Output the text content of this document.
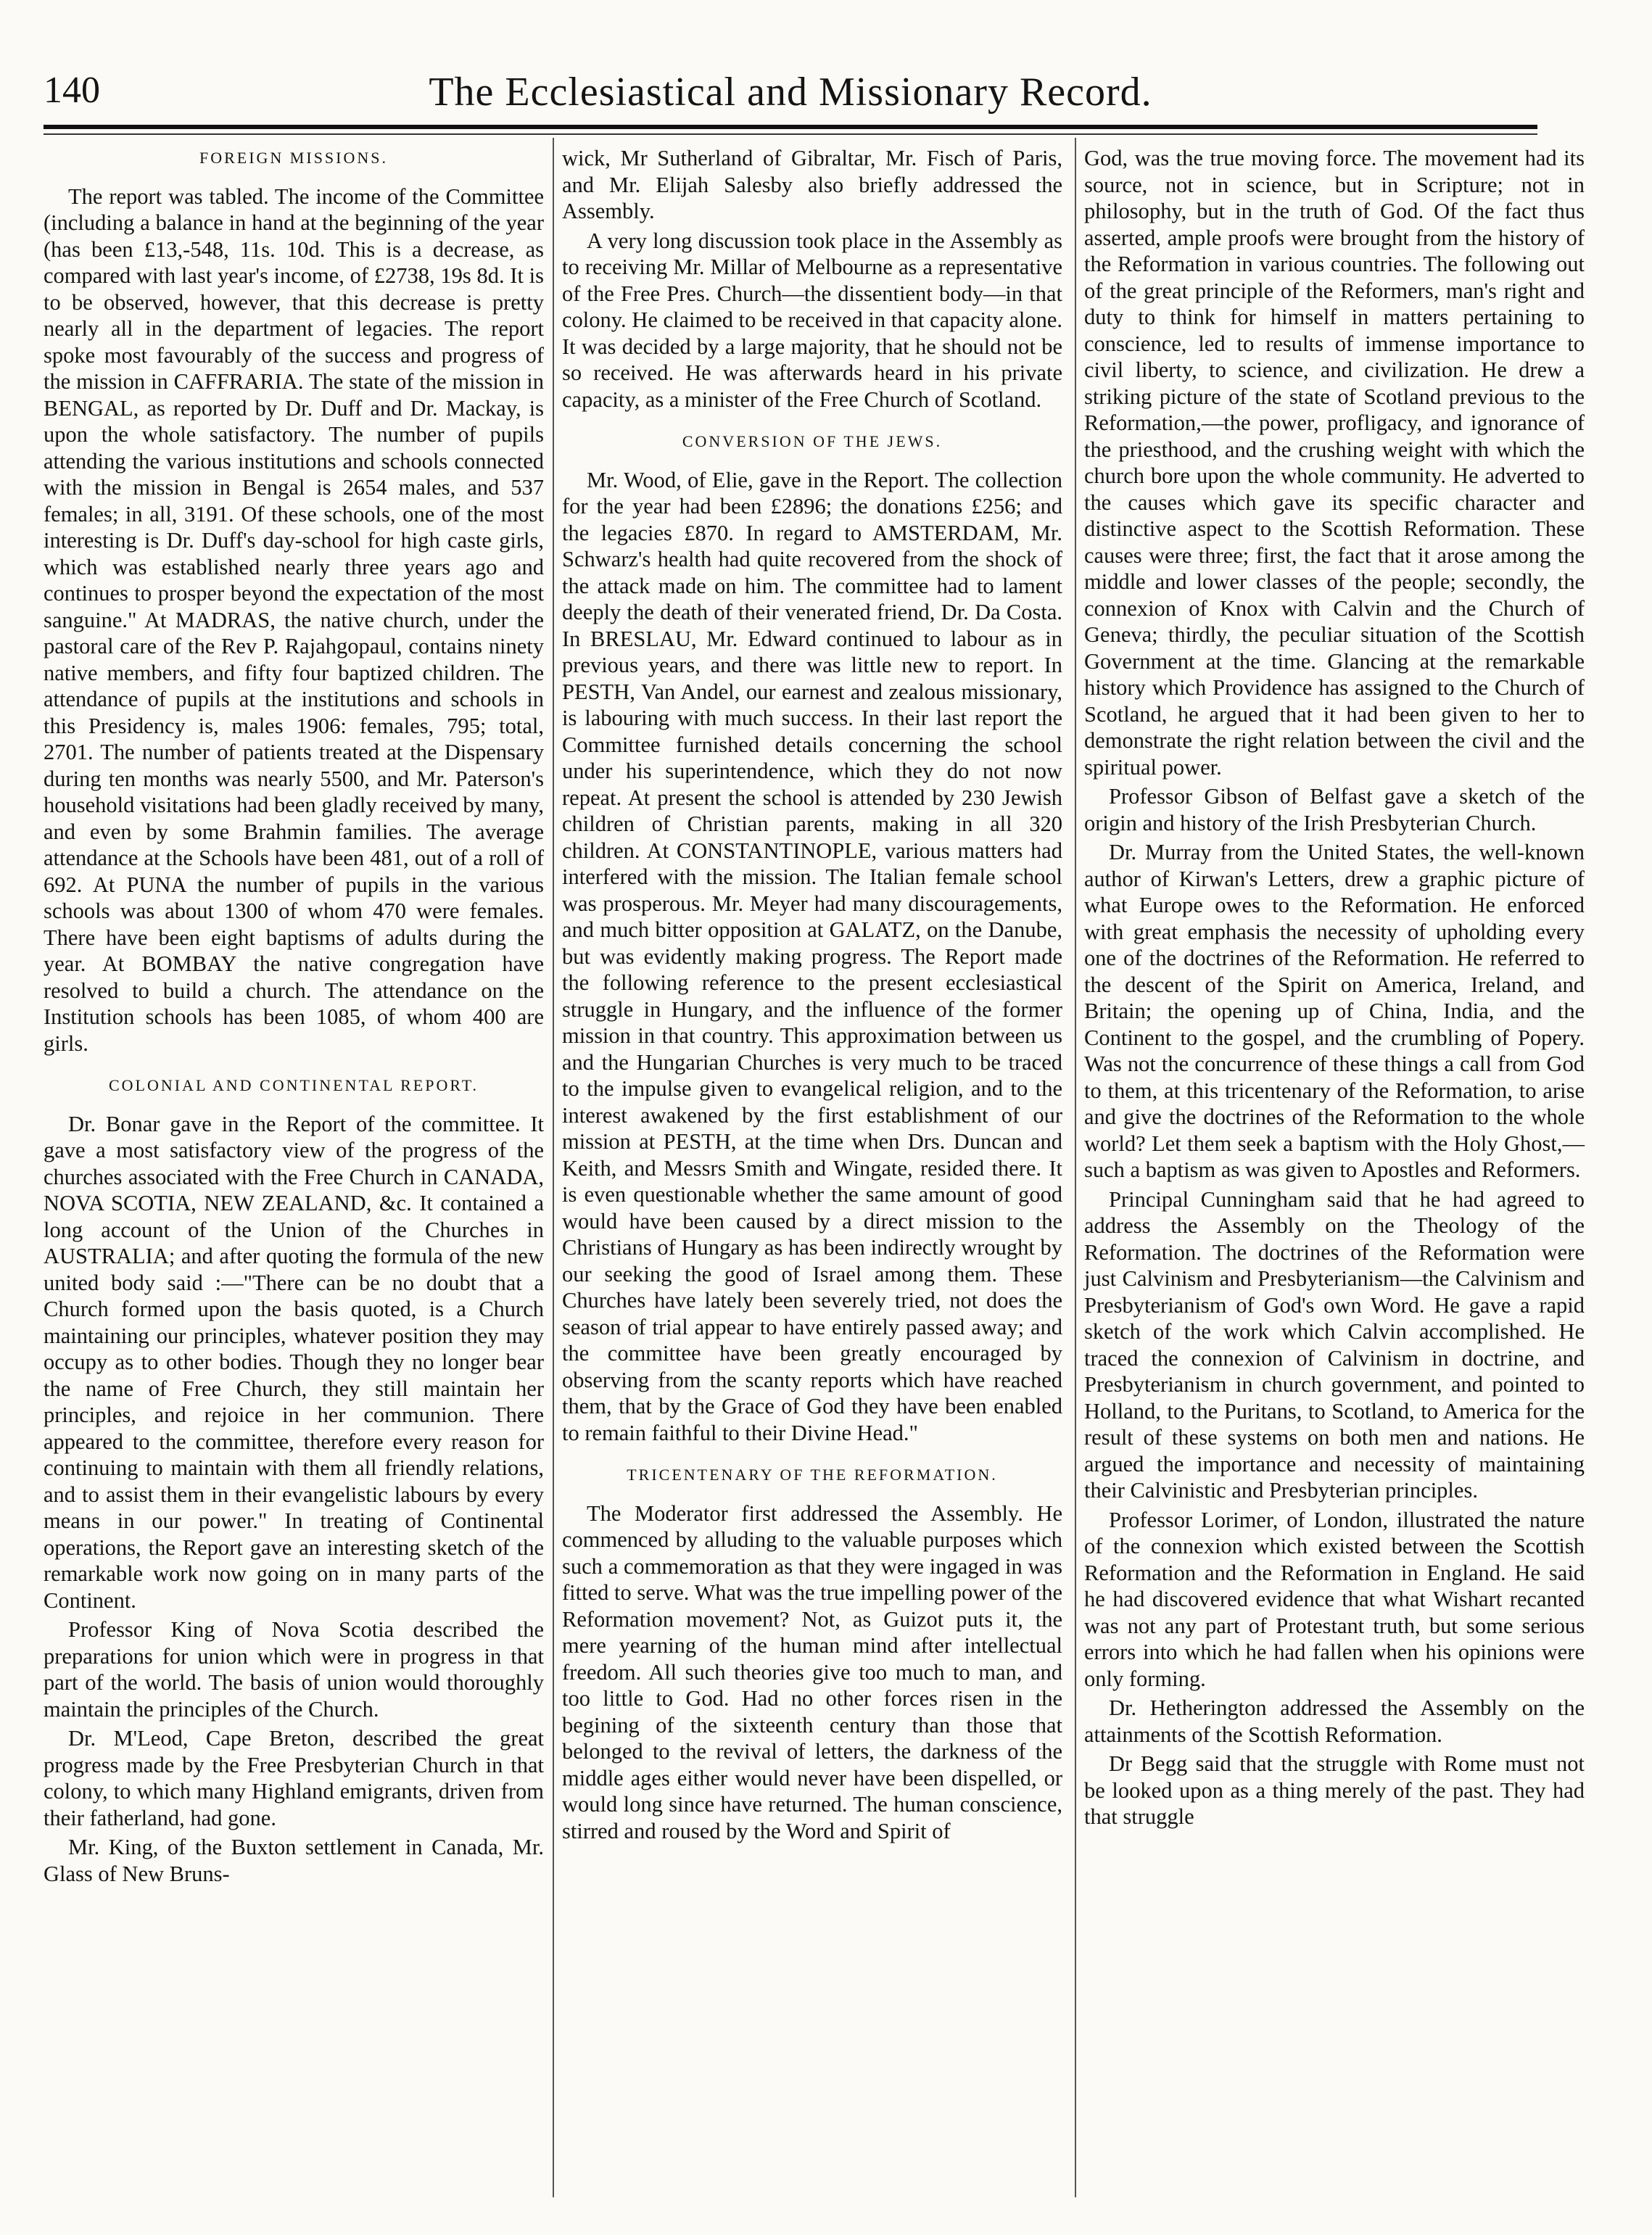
140	The Ecclesiastical and Missionary Record.

FOREIGN MISSIONS.

The report was tabled. The income of the Committee (including a balance in hand at the beginning of the year (has been £13,-548, 11s. 10d. This is a decrease, as compared with last year's income, of £2738, 19s 8d. It is to be observed, however, that this decrease is pretty nearly all in the department of legacies. The report spoke most favourably of the success and progress of the mission in CAFFRARIA. The state of the mission in BENGAL, as reported by Dr. Duff and Dr. Mackay, is upon the whole satisfactory. The number of pupils attending the various institutions and schools connected with the mission in Bengal is 2654 males, and 537 females; in all, 3191. Of these schools, one of the most interesting is Dr. Duff's day-school for high caste girls, which was established nearly three years ago and continues to prosper beyond the expectation of the most sanguine." At MADRAS, the native church, under the pastoral care of the Rev P. Rajahgopaul, contains ninety native members, and fifty four baptized children. The attendance of pupils at the institutions and schools in this Presidency is, males 1906: females, 795; total, 2701. The number of patients treated at the Dispensary during ten months was nearly 5500, and Mr. Paterson's household visitations had been gladly received by many, and even by some Brahmin families. The average attendance at the Schools have been 481, out of a roll of 692. At PUNA the number of pupils in the various schools was about 1300 of whom 470 were females. There have been eight baptisms of adults during the year. At BOMBAY the native congregation have resolved to build a church. The attendance on the Institution schools has been 1085, of whom 400 are girls.

COLONIAL AND CONTINENTAL REPORT.

Dr. Bonar gave in the Report of the committee. It gave a most satisfactory view of the progress of the churches associated with the Free Church in CANADA, NOVA SCOTIA, NEW ZEALAND, &c. It contained a long account of the Union of the Churches in AUSTRALIA; and after quoting the formula of the new united body said :—"There can be no doubt that a Church formed upon the basis quoted, is a Church maintaining our principles, whatever position they may occupy as to other bodies. Though they no longer bear the name of Free Church, they still maintain her principles, and rejoice in her communion. There appeared to the committee, therefore every reason for continuing to maintain with them all friendly relations, and to assist them in their evangelistic labours by every means in our power." In treating of Continental operations, the Report gave an interesting sketch of the remarkable work now going on in many parts of the Continent.

Professor King of Nova Scotia described the preparations for union which were in progress in that part of the world. The basis of union would thoroughly maintain the principles of the Church.

Dr. M'Leod, Cape Breton, described the great progress made by the Free Presbyterian Church in that colony, to which many Highland emigrants, driven from their fatherland, had gone.

Mr. King, of the Buxton settlement in Canada, Mr. Glass of New Bruns-

wick, Mr Sutherland of Gibraltar, Mr. Fisch of Paris, and Mr. Elijah Salesby also briefly addressed the Assembly.

A very long discussion took place in the Assembly as to receiving Mr. Millar of Melbourne as a representative of the Free Pres. Church—the dissentient body—in that colony. He claimed to be received in that capacity alone. It was decided by a large majority, that he should not be so received. He was afterwards heard in his private capacity, as a minister of the Free Church of Scotland.

CONVERSION OF THE JEWS.

Mr. Wood, of Elie, gave in the Report. The collection for the year had been £2896; the donations £256; and the legacies £870. In regard to AMSTERDAM, Mr. Schwarz's health had quite recovered from the shock of the attack made on him. The committee had to lament deeply the death of their venerated friend, Dr. Da Costa. In BRESLAU, Mr. Edward continued to labour as in previous years, and there was little new to report. In PESTH, Van Andel, our earnest and zealous missionary, is labouring with much success. In their last report the Committee furnished details concerning the school under his superintendence, which they do not now repeat. At present the school is attended by 230 Jewish children of Christian parents, making in all 320 children. At CONSTANTINOPLE, various matters had interfered with the mission. The Italian female school was prosperous. Mr. Meyer had many discouragements, and much bitter opposition at GALATZ, on the Danube, but was evidently making progress. The Report made the following reference to the present ecclesiastical struggle in Hungary, and the influence of the former mission in that country. This approximation between us and the Hungarian Churches is very much to be traced to the impulse given to evangelical religion, and to the interest awakened by the first establishment of our mission at PESTH, at the time when Drs. Duncan and Keith, and Messrs Smith and Wingate, resided there. It is even questionable whether the same amount of good would have been caused by a direct mission to the Christians of Hungary as has been indirectly wrought by our seeking the good of Israel among them. These Churches have lately been severely tried, not does the season of trial appear to have entirely passed away; and the committee have been greatly encouraged by observing from the scanty reports which have reached them, that by the Grace of God they have been enabled to remain faithful to their Divine Head."

TRICENTENARY OF THE REFORMATION.

The Moderator first addressed the Assembly. He commenced by alluding to the valuable purposes which such a commemoration as that they were ingaged in was fitted to serve. What was the true impelling power of the Reformation movement? Not, as Guizot puts it, the mere yearning of the human mind after intellectual freedom. All such theories give too much to man, and too little to God. Had no other forces risen in the begining of the sixteenth century than those that belonged to the revival of letters, the darkness of the middle ages either would never have been dispelled, or would long since have returned. The human conscience, stirred and roused by the Word and Spirit of

God, was the true moving force. The movement had its source, not in science, but in Scripture; not in philosophy, but in the truth of God. Of the fact thus asserted, ample proofs were brought from the history of the Reformation in various countries. The following out of the great principle of the Reformers, man's right and duty to think for himself in matters pertaining to conscience, led to results of immense importance to civil liberty, to science, and civilization. He drew a striking picture of the state of Scotland previous to the Reformation,—the power, profligacy, and ignorance of the priesthood, and the crushing weight with which the church bore upon the whole community. He adverted to the causes which gave its specific character and distinctive aspect to the Scottish Reformation. These causes were three; first, the fact that it arose among the middle and lower classes of the people; secondly, the connexion of Knox with Calvin and the Church of Geneva; thirdly, the peculiar situation of the Scottish Government at the time. Glancing at the remarkable history which Providence has assigned to the Church of Scotland, he argued that it had been given to her to demonstrate the right relation between the civil and the spiritual power.

Professor Gibson of Belfast gave a sketch of the origin and history of the Irish Presbyterian Church.

Dr. Murray from the United States, the well-known author of Kirwan's Letters, drew a graphic picture of what Europe owes to the Reformation. He enforced with great emphasis the necessity of upholding every one of the doctrines of the Reformation. He referred to the descent of the Spirit on America, Ireland, and Britain; the opening up of China, India, and the Continent to the gospel, and the crumbling of Popery. Was not the concurrence of these things a call from God to them, at this tricentenary of the Reformation, to arise and give the doctrines of the Reformation to the whole world? Let them seek a baptism with the Holy Ghost,—such a baptism as was given to Apostles and Reformers.

Principal Cunningham said that he had agreed to address the Assembly on the Theology of the Reformation. The doctrines of the Reformation were just Calvinism and Presbyterianism—the Calvinism and Presbyterianism of God's own Word. He gave a rapid sketch of the work which Calvin accomplished. He traced the connexion of Calvinism in doctrine, and Presbyterianism in church government, and pointed to Holland, to the Puritans, to Scotland, to America for the result of these systems on both men and nations. He argued the importance and necessity of maintaining their Calvinistic and Presbyterian principles.

Professor Lorimer, of London, illustrated the nature of the connexion which existed between the Scottish Reformation and the Reformation in England. He said he had discovered evidence that what Wishart recanted was not any part of Protestant truth, but some serious errors into which he had fallen when his opinions were only forming.

Dr. Hetherington addressed the Assembly on the attainments of the Scottish Reformation.

Dr Begg said that the struggle with Rome must not be looked upon as a thing merely of the past. They had that struggle
